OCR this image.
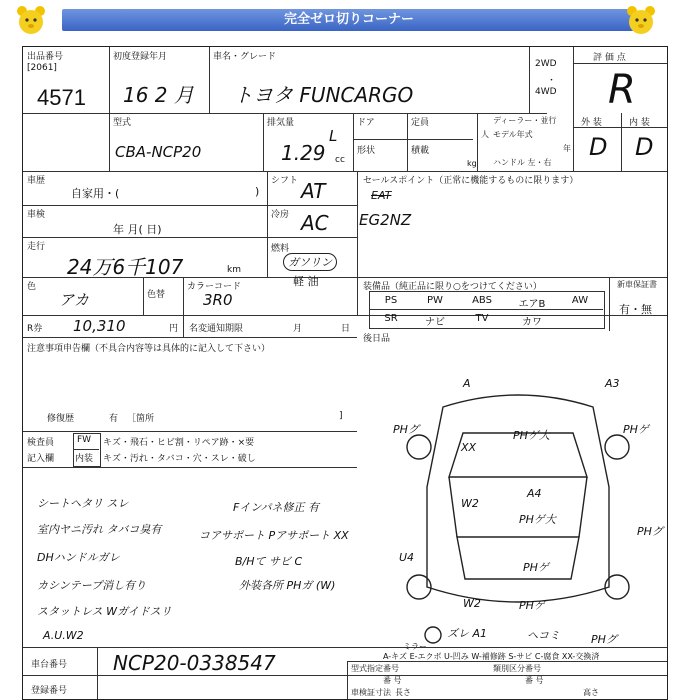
完全ゼロ切りコーナー
出品番号
[2061]
4571
初度登録年月
16 2 月
車名・グレード
トヨタ FUNCARGO
2WD
・
4WD
評 価 点
R
型式
CBA-NCP20
排気量
1.29
L
cc
ドア	定員
形状	積載
kg
ディーラー・並行
人 モデル年式
年
ハンドル 左・右
外 装	内 装
D D
車歴
自家用・(	)
シフト AT
車検
年 月( 日)
冷房 AC
セールスポイント（正常に機能するものに限ります）
EAT
EG2NZ
走行
24万6千107	km
燃料
ガソリン
軽 油
色
アカ	色替
カラーコード
3R0
装備品（純正品に限り○をつけてください）	新車保証書
有・無
PS	PW	ABS	エアB	AW
SR	ナビ	TV	カワ
R券 10,310	円 名変通知期限	月	日
後日品
注意事項申告欄（不具合内容等は具体的に記入して下さい）
修復歴	有 ［箇所	]
検査員
記入欄
FW
内装
キズ・飛石・ヒビ割・リペア跡・×要
キズ・汚れ・タバコ・穴・スレ・破し
シートヘタリ スレ
室内ヤニ汚れ タバコ臭有
DHハンドルガレ
カシンテープ消し有り
スタットレス Wガイドスリ
A.U.W2
Fインパネ修正 有
コアサポート Pアサポート XX
B/Hて サビ C
外装各所 PHガ (W)
A	A3
PHグ	PHゲ大	PHゲ
XX
W2
A4
PHゲ大
U4
PHグ
W2
ヘコミ
ズレ A1
PHゲ
PHゲ
PHグ
ミラー
車台番号 NCP20-0338547
登録番号
A-キズ E-エクボ U-凹み W-補修跡 S-サビ C-腐食 XX-交換済
型式指定番号	類別区分番号
番 号	番 号
車検証寸法 長さ	高さ
